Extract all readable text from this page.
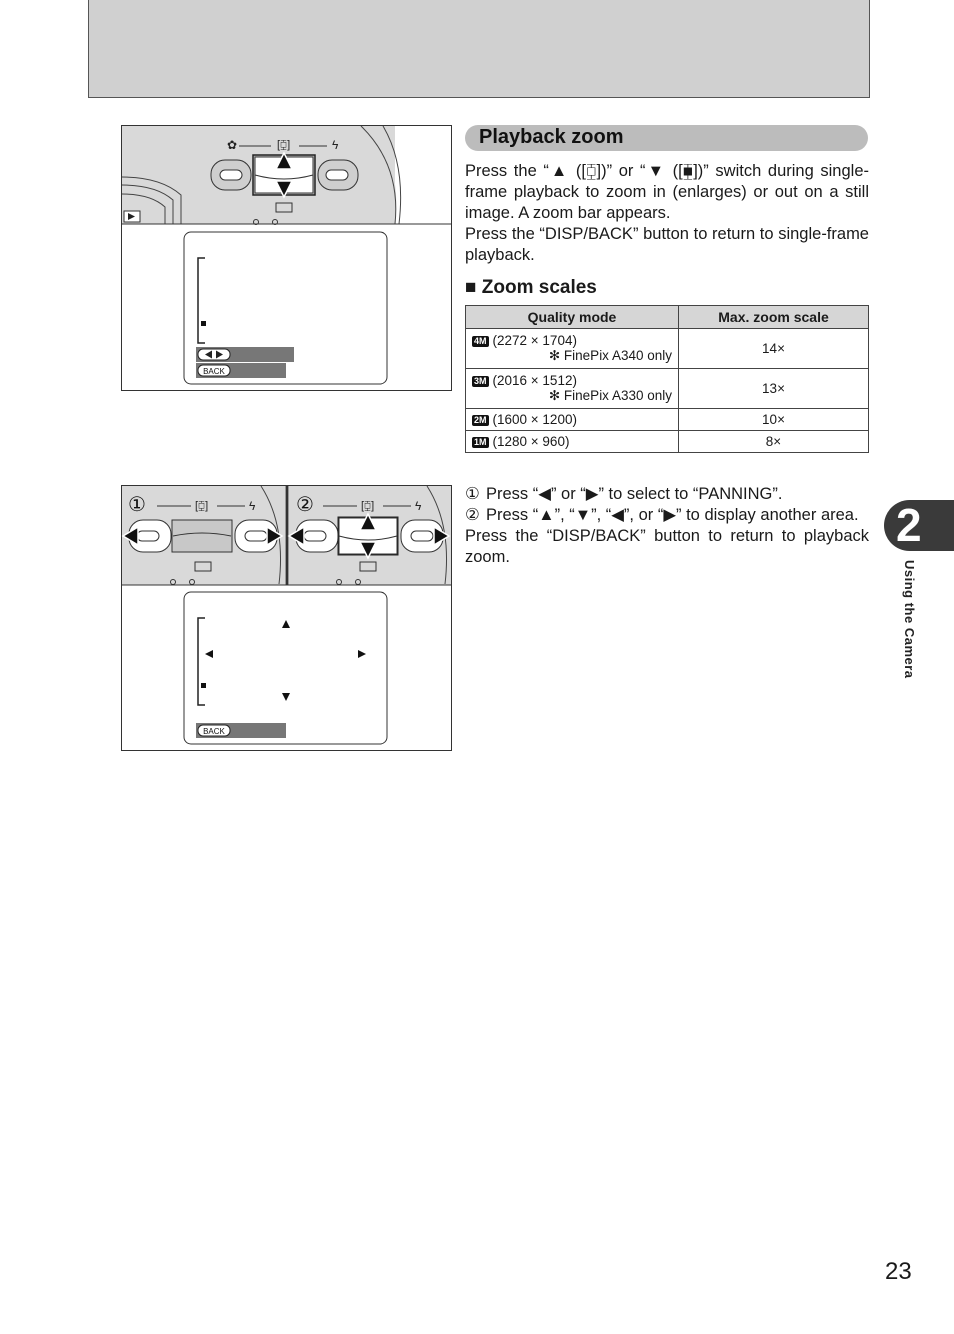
✿	[⧮]	ϟ
BACK
①	[⧮]	ϟ ②	[⧮]	ϟ
BACK
Playback zoom

Press the “▲ ([⧮])” or “▼ ([⧯])” switch during single-frame playback to zoom in (enlarges) or out on a still image. A zoom bar appears.

Press the “DISP/BACK” button to return to single-frame playback.

■ Zoom scales
Quality mode	Max. zoom scale
4M (2272 × 1704)
✻ FinePix A340 only	14×
3M (2016 × 1512)
✻ FinePix A330 only	13×
2M (1600 × 1200)	10×
1M (1280 × 960)	8×
① Press “◀” or “▶” to select to “PANNING”.
② Press “▲”, “▼”, “◀”, or “▶” to display another area.
Press the “DISP/BACK” button to return to playback zoom.
2
Using the Camera
23
